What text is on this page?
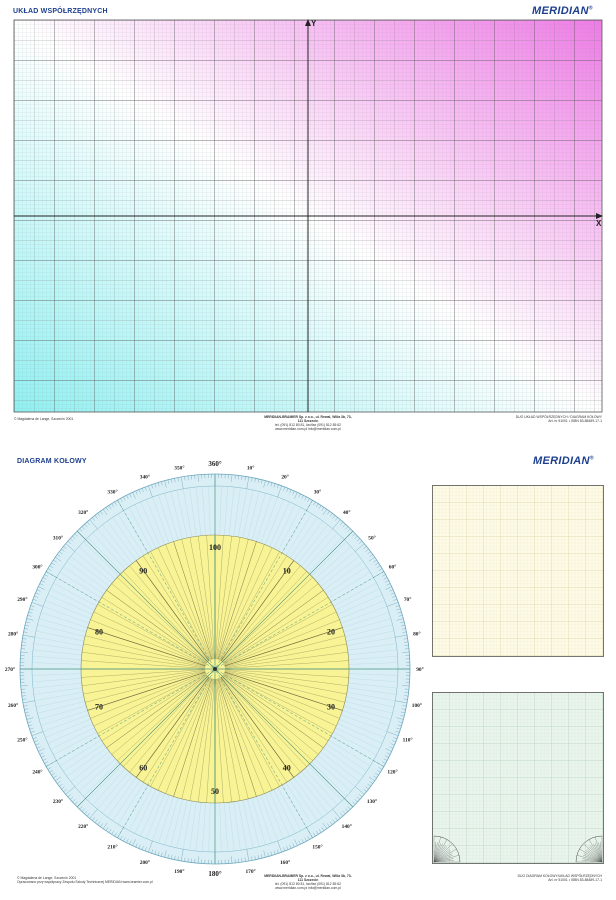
UKŁAD WSPÓŁRZĘDNYCH	MERIDIAN®
Y
X
© Magdalena de Lange, Szczecin 2001	MERIDIAN-BRAMIER Sp. z o.o., ul. Rewal, Willa 3b, 73-111 Szczecin
tel. (091) 812 80 81, fax/fax (091) 812 85 62
www.meridian.com.pl info@meridian.com.pl
DUO UKŁAD WSPÓŁRZĘDNYCH / DIAGRAM KOŁOWY
Art. nr 51001 • ISBN 83-88489-17-1
DIAGRAM KOŁOWY	MERIDIAN®
360°
10°
20°
30°
40°
50°
60°
70°
80°
90°
100°
110°
120°
130°
140°
150°
160°
170°
180°
190°
200°
210°
220°
230°
240°
250°
260°
270°
280°
290°
300°
310°
320°
330°
340°
350°
100
10
20
30
40
50
60
70
80
90
© Magdalena de Lange, Szczecin 2001
Opracowano przy współpracy Zespołu Szkoły Technicznej MERIDIAN www.bramier.com.pl
MERIDIAN-BRAMIER Sp. z o.o., ul. Rewal, Willa 3b, 73-111 Szczecin
tel. (091) 812 80 81, fax/fax (091) 812 85 62
www.meridian.com.pl info@meridian.com.pl
DUO DIAGRAM KOŁOWY/UKŁAD WSPÓŁRZĘDNYCH
Art. nr 51001 • ISBN 83-88489-17-1
